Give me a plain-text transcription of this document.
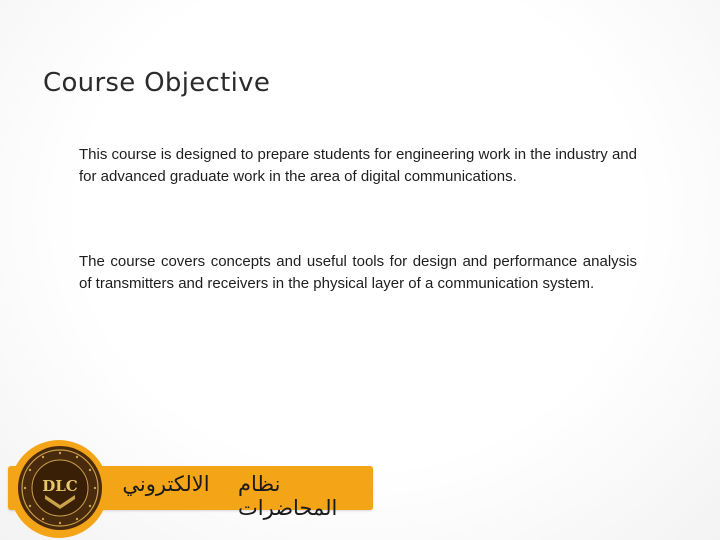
Course Objective
This course is designed to prepare students for engineering work in the industry and for advanced graduate work in the area of digital communications.
The course covers concepts and useful tools for design and performance analysis of transmitters and receivers in the physical layer of a communication system.
الالكتروني نظام المحاضرات
DLC
